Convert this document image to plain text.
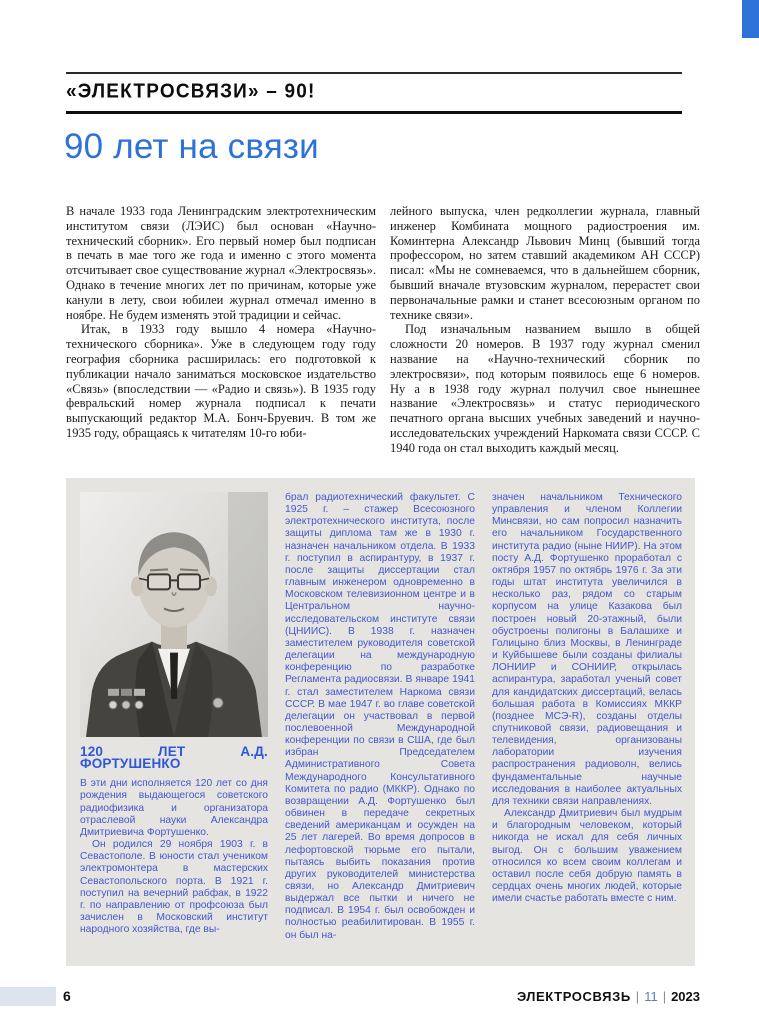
«ЭЛЕКТРОСВЯЗИ» – 90!
90 лет на связи

В начале 1933 года Ленинградским электротехническим институтом связи (ЛЭИС) был основан «Научно-технический сборник». Его первый номер был подписан в печать в мае того же года и именно с этого момента отсчитывает свое существование журнал «Электросвязь». Однако в течение многих лет по причинам, которые уже канули в лету, свои юбилеи журнал отмечал именно в ноябре. Не будем изменять этой традиции и сейчас.

Итак, в 1933 году вышло 4 номера «Научно-технического сборника». Уже в следующем году году география сборника расширилась: его подготовкой к публикации начало заниматься московское издательство «Связь» (впоследствии — «Радио и связь»). В 1935 году февральский номер журнала подписал к печати выпускающий редактор М.А. Бонч-Бруевич. В том же 1935 году, обращаясь к читателям 10-го юби-

лейного выпуска, член редколлегии журнала, главный инженер Комбината мощного радиостроения им. Коминтерна Александр Львович Минц (бывший тогда профессором, но затем ставший академиком АН СССР) писал: «Мы не сомневаемся, что в дальнейшем сборник, бывший вначале втузовским журналом, перерастет свои первоначальные рамки и станет всесоюзным органом по технике связи».

Под изначальным названием вышло в общей сложности 20 номеров. В 1937 году журнал сменил название на «Научно-технический сборник по электросвязи», под которым появилось еще 6 номеров. Ну а в 1938 году журнал получил свое нынешнее название «Электросвязь» и статус периодического печатного органа высших учебных заведений и научно-исследовательских учреждений Наркомата связи СССР. С 1940 года он стал выходить каждый месяц.

120 ЛЕТ А.Д. ФОРТУШЕНКО

В эти дни исполняется 120 лет со дня рождения выдающегося советского радиофизика и организатора отраслевой науки Александра Дмитриевича Фортушенко.

Он родился 29 ноября 1903 г. в Севастополе. В юности стал учеником электромонтера в мастерских Севастопольского порта. В 1921 г. поступил на вечерний рабфак, в 1922 г. по направлению от профсоюза был зачислен в Московский институт народного хозяйства, где вы-

брал радиотехнический факультет. С 1925 г. – стажер Всесоюзного электротехнического института, после защиты диплома там же в 1930 г. назначен начальником отдела. В 1933 г. поступил в аспирантуру, в 1937 г. после защиты диссертации стал главным инженером одновременно в Московском телевизионном центре и в Центральном научно-исследовательском институте связи (ЦНИИС). В 1938 г. назначен заместителем руководителя советской делегации на международную конференцию по разработке Регламента радиосвязи. В январе 1941 г. стал заместителем Наркома связи СССР. В мае 1947 г. во главе советской делегации он участвовал в первой послевоенной Международной конференции по связи в США, где был избран Председателем Административного Совета Международного Консультативного Комитета по радио (МККР). Однако по возвращении А.Д. Фортушенко был обвинен в передаче секретных сведений американцам и осужден на 25 лет лагерей. Во время допросов в лефортовской тюрьме его пытали, пытаясь выбить показания против других руководителей министерства связи, но Александр Дмитриевич выдержал все пытки и ничего не подписал. В 1954 г. был освобожден и полностью реабилитирован. В 1955 г. он был на-

значен начальником Технического управления и членом Коллегии Минсвязи, но сам попросил назначить его начальником Государственного института радио (ныне НИИР). На этом посту А.Д. Фортушенко проработал с октября 1957 по октябрь 1976 г. За эти годы штат института увеличился в несколько раз, рядом со старым корпусом на улице Казакова был построен новый 20-этажный, были обустроены полигоны в Балашихе и Голицыно близ Москвы, в Ленинграде и Куйбышеве были созданы филиалы ЛОНИИР и СОНИИР, открылась аспирантура, заработал ученый совет для кандидатских диссертаций, велась большая работа в Комиссиях МККР (позднее МСЭ-R), созданы отделы спутниковой связи, радиовещания и телевидения, организованы лаборатории изучения распространения радиоволн, велись фундаментальные научные исследования в наиболее актуальных для техники связи направлениях.

Александр Дмитриевич был мудрым и благородным человеком, который никогда не искал для себя личных выгод. Он с большим уважением относился ко всем своим коллегам и оставил после себя добрую память в сердцах очень многих людей, которые имели счастье работать вместе с ним.

6	ЭЛЕКТРОСВЯЗЬ | 11 | 2023
